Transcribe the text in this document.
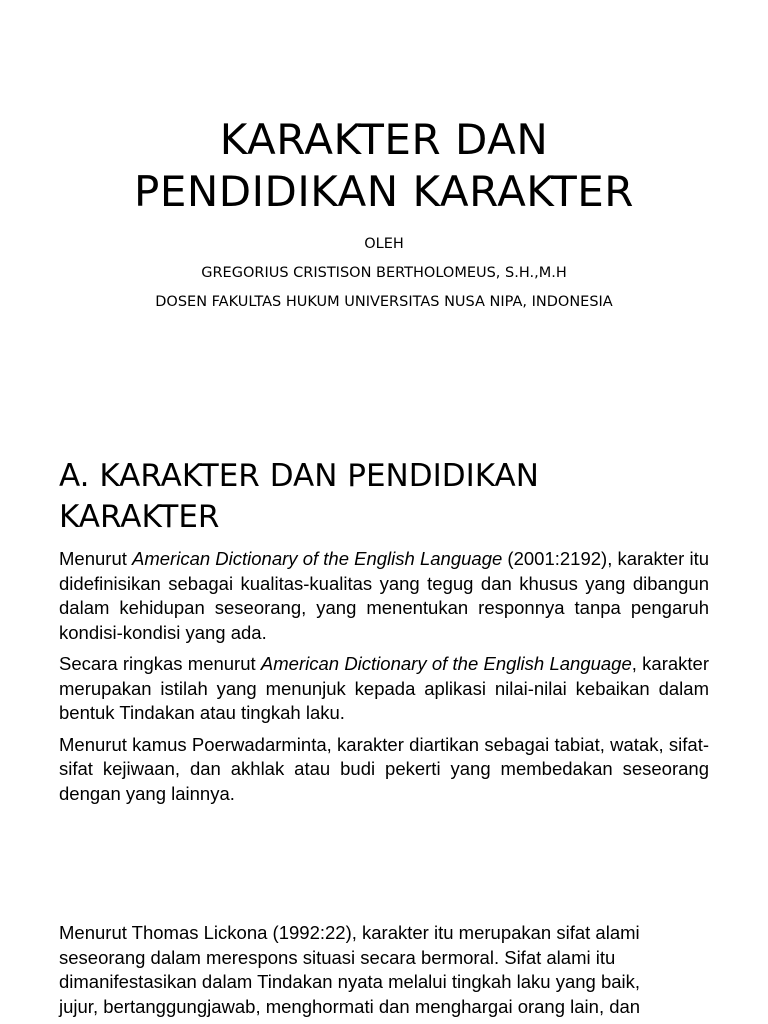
KARAKTER DAN
PENDIDIKAN KARAKTER
OLEH
GREGORIUS CRISTISON BERTHOLOMEUS, S.H.,M.H
DOSEN FAKULTAS HUKUM UNIVERSITAS NUSA NIPA, INDONESIA
A. KARAKTER DAN PENDIDIKAN
KARAKTER

Menurut American Dictionary of the English Language (2001:2192), karakter itu didefinisikan sebagai kualitas-kualitas yang tegug dan khusus yang dibangun dalam kehidupan seseorang, yang menentukan responnya tanpa pengaruh kondisi-kondisi yang ada.

Secara ringkas menurut American Dictionary of the English Language, karakter merupakan istilah yang menunjuk kepada aplikasi nilai-nilai kebaikan dalam bentuk Tindakan atau tingkah laku.

Menurut kamus Poerwadarminta, karakter diartikan sebagai tabiat, watak, sifat-sifat kejiwaan, dan akhlak atau budi pekerti yang membedakan seseorang dengan yang lainnya.

Menurut Thomas Lickona (1992:22), karakter itu merupakan sifat alami

seseorang dalam merespons situasi secara bermoral. Sifat alami itu

dimanifestasikan dalam Tindakan nyata melalui tingkah laku yang baik,

jujur, bertanggungjawab, menghormati dan menghargai orang lain, dan
